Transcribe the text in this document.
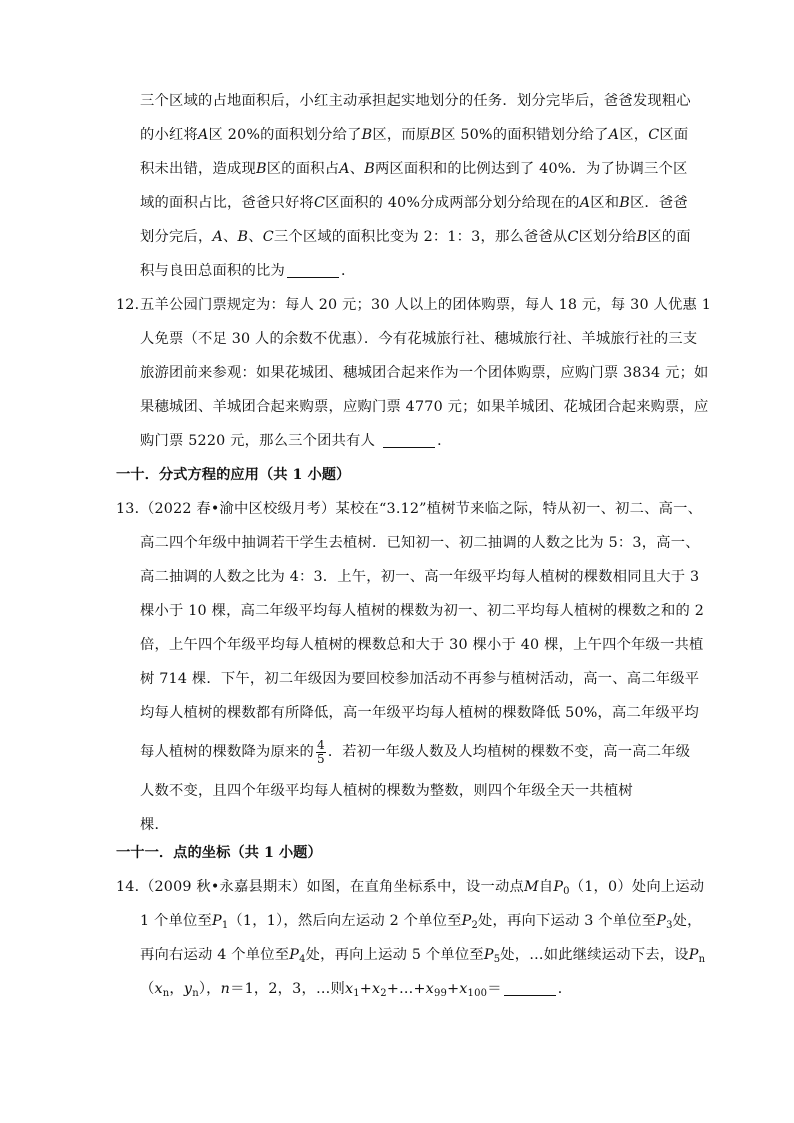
三个区域的占地面积后，小红主动承担起实地划分的任务．划分完毕后，爸爸发现粗心
的小红将A区 20%的面积划分给了B区，而原B区 50%的面积错划分给了A区，C区面
积未出错，造成现B区的面积占A、B两区面积和的比例达到了 40%．为了协调三个区
域的面积占比，爸爸只好将C区面积的 40%分成两部分划分给现在的A区和B区．爸爸
划分完后，A、B、C三个区域的面积比变为 2：1：3，那么爸爸从C区划分给B区的面
积与良田总面积的比为	．
12．
五羊公园门票规定为：每人 20 元；30 人以上的团体购票，每人 18 元，每 30 人优惠 1
人免票（不足 30 人的余数不优惠）．今有花城旅行社、穗城旅行社、羊城旅行社的三支
旅游团前来参观：如果花城团、穗城团合起来作为一个团体购票，应购门票 3834 元；如
果穗城团、羊城团合起来购票，应购门票 4770 元；如果羊城团、花城团合起来购票，应
购门票 5220 元，那么三个团共有人	．
一十．分式方程的应用（共 1 小题）
13．
（2022 春•渝中区校级月考）某校在“3.12”植树节来临之际，特从初一、初二、高一、
高二四个年级中抽调若干学生去植树．已知初一、初二抽调的人数之比为 5：3，高一、
高二抽调的人数之比为 4：3．上午，初一、高一年级平均每人植树的棵数相同且大于 3
棵小于 10 棵，高二年级平均每人植树的棵数为初一、初二平均每人植树的棵数之和的 2
倍，上午四个年级平均每人植树的棵数总和大于 30 棵小于 40 棵，上午四个年级一共植
树 714 棵．下午，初二年级因为要回校参加活动不再参与植树活动，高一、高二年级平
均每人植树的棵数都有所降低，高一年级平均每人植树的棵数降低 50%，高二年级平均
每人植树的棵数降为原来的 $\frac{4}{5}$ ．若初一年级人数及人均植树的棵数不变，高一高二年级
人数不变，且四个年级平均每人植树的棵数为整数，则四个年级全天一共植树
棵．
一十一．点的坐标（共 1 小题）
14．
（2009 秋•永嘉县期末）如图，在直角坐标系中，设一动点M自$P_0(1$，0）处向上运动
1 个单位至$P_1(1$，1），然后向左运动 2 个单位至$P_2$处，再向下运动 3 个单位至$P_3$处，
再向右运动 4 个单位至$P_4$处，再向上运动 5 个单位至$P_5$处，…如此继续运动下去，设$P_n$
（$x_n$，$y_n$），n＝1，2，3，…则$x_1+x_2+\dots+x_{99}+x_{100}=$	．
